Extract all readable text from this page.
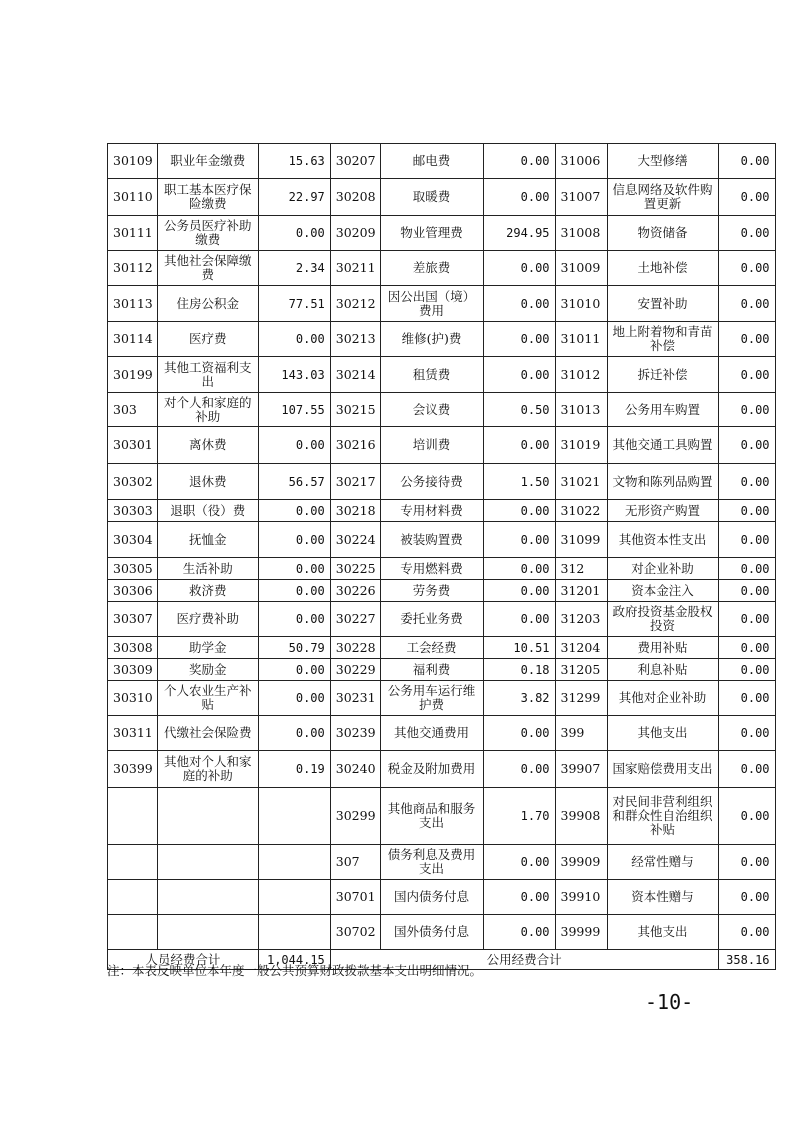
30109	职业年金缴费	15.63	30207	邮电费	0.00	31006	大型修缮	0.00
30110	职工基本医疗保险缴费	22.97	30208	取暖费	0.00	31007	信息网络及软件购置更新	0.00
30111	公务员医疗补助缴费	0.00	30209	物业管理费	294.95	31008	物资储备	0.00
30112	其他社会保障缴费	2.34	30211	差旅费	0.00	31009	土地补偿	0.00
30113	住房公积金	77.51	30212	因公出国（境）费用	0.00	31010	安置补助	0.00
30114	医疗费	0.00	30213	维修(护)费	0.00	31011	地上附着物和青苗补偿	0.00
30199	其他工资福利支出	143.03	30214	租赁费	0.00	31012	拆迁补偿	0.00
303	对个人和家庭的补助	107.55	30215	会议费	0.50	31013	公务用车购置	0.00
30301	离休费	0.00	30216	培训费	0.00	31019	其他交通工具购置	0.00
30302	退休费	56.57	30217	公务接待费	1.50	31021	文物和陈列品购置	0.00
30303	退职（役）费	0.00	30218	专用材料费	0.00	31022	无形资产购置	0.00
30304	抚恤金	0.00	30224	被装购置费	0.00	31099	其他资本性支出	0.00
30305	生活补助	0.00	30225	专用燃料费	0.00	312	对企业补助	0.00
30306	救济费	0.00	30226	劳务费	0.00	31201	资本金注入	0.00
30307	医疗费补助	0.00	30227	委托业务费	0.00	31203	政府投资基金股权投资	0.00
30308	助学金	50.79	30228	工会经费	10.51	31204	费用补贴	0.00
30309	奖励金	0.00	30229	福利费	0.18	31205	利息补贴	0.00
30310	个人农业生产补贴	0.00	30231	公务用车运行维护费	3.82	31299	其他对企业补助	0.00
30311	代缴社会保险费	0.00	30239	其他交通费用	0.00	399	其他支出	0.00
30399	其他对个人和家庭的补助	0.19	30240	税金及附加费用	0.00	39907	国家赔偿费用支出	0.00
			30299	其他商品和服务支出	1.70	39908	对民间非营利组织和群众性自治组织补贴	0.00
			307	债务利息及费用支出	0.00	39909	经常性赠与	0.00
			30701	国内债务付息	0.00	39910	资本性赠与	0.00
			30702	国外债务付息	0.00	39999	其他支出	0.00
人员经费合计		1,044.15	公用经费合计					358.16
注：本表反映单位本年度一般公共预算财政拨款基本支出明细情况。
-10-
